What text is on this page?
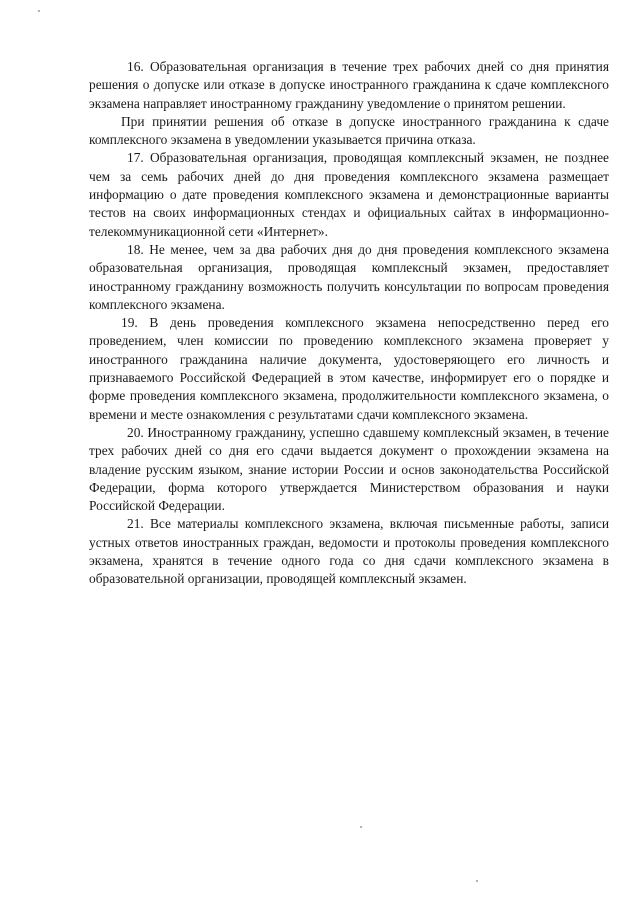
16. Образовательная организация в течение трех рабочих дней со дня принятия решения о допуске или отказе в допуске иностранного гражданина к сдаче комплексного экзамена направляет иностранному гражданину уведомление о принятом решении.

При принятии решения об отказе в допуске иностранного гражданина к сдаче комплексного экзамена в уведомлении указывается причина отказа.

17. Образовательная организация, проводящая комплексный экзамен, не позднее чем за семь рабочих дней до дня проведения комплексного экзамена размещает информацию о дате проведения комплексного экзамена и демонстрационные варианты тестов на своих информационных стендах и официальных сайтах в информационно-телекоммуникационной сети «Интернет».

18. Не менее, чем за два рабочих дня до дня проведения комплексного экзамена образовательная организация, проводящая комплексный экзамен, предоставляет иностранному гражданину возможность получить консультации по вопросам проведения комплексного экзамена.

19. В день проведения комплексного экзамена непосредственно перед его проведением, член комиссии по проведению комплексного экзамена проверяет у иностранного гражданина наличие документа, удостоверяющего его личность и признаваемого Российской Федерацией в этом качестве, информирует его о порядке и форме проведения комплексного экзамена, продолжительности комплексного экзамена, о времени и месте ознакомления с результатами сдачи комплексного экзамена.

20. Иностранному гражданину, успешно сдавшему комплексный экзамен, в течение трех рабочих дней со дня его сдачи выдается документ о прохождении экзамена на владение русским языком, знание истории России и основ законодательства Российской Федерации, форма которого утверждается Министерством образования и науки Российской Федерации.

21. Все материалы комплексного экзамена, включая письменные работы, записи устных ответов иностранных граждан, ведомости и протоколы проведения комплексного экзамена, хранятся в течение одного года со дня сдачи комплексного экзамена в образовательной организации, проводящей комплексный экзамен.
